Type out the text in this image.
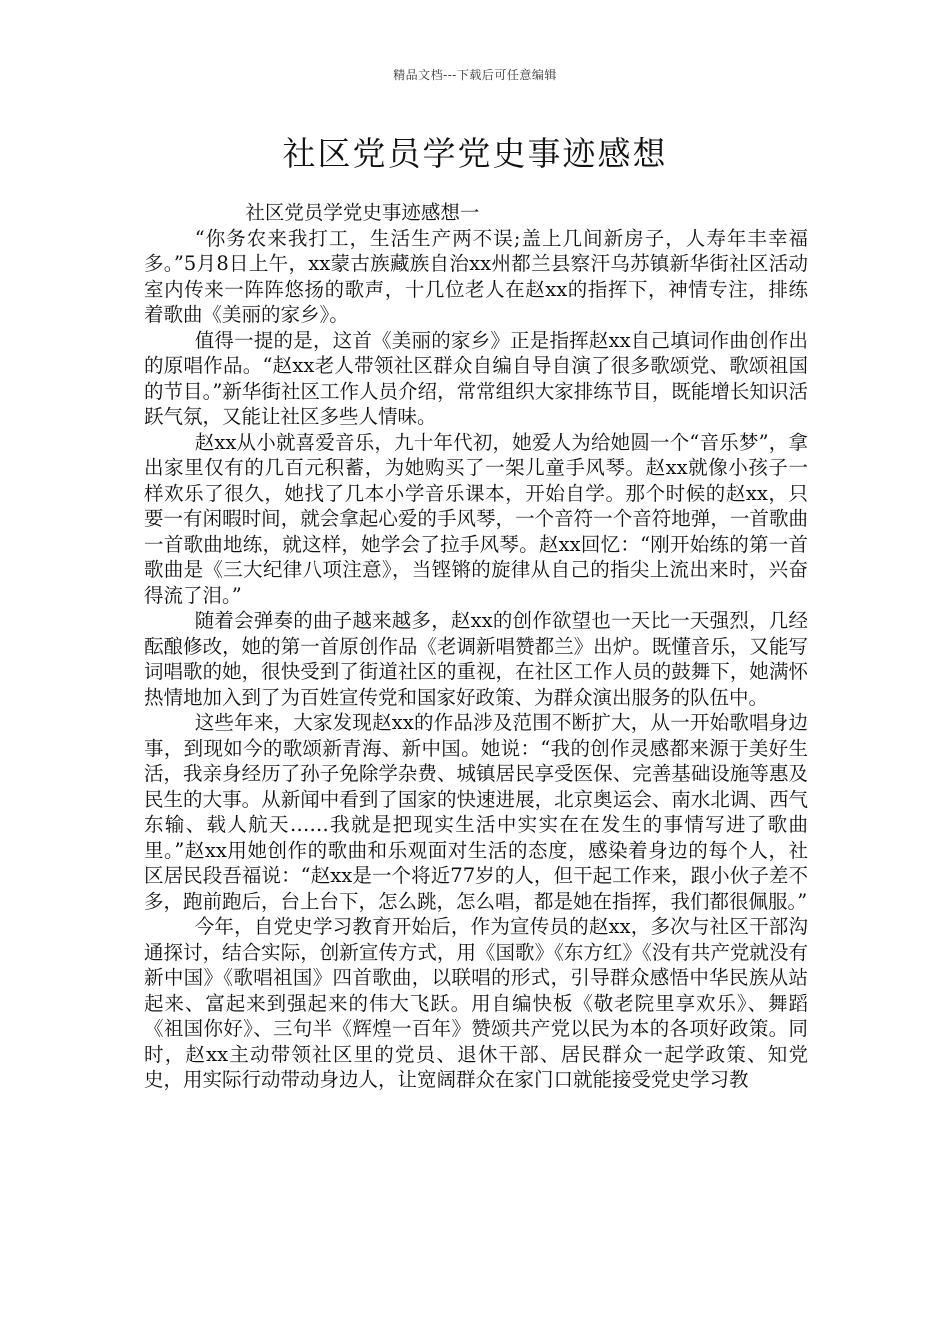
精品文档---下载后可任意编辑
社区党员学党史事迹感想

社区党员学党史事迹感想一

“你务农来我打工，生活生产两不误;盖上几间新房子，人寿年丰幸福多。”5月8日上午，xx蒙古族藏族自治xx州都兰县察汗乌苏镇新华街社区活动室内传来一阵阵悠扬的歌声，十几位老人在赵xx的指挥下，神情专注，排练着歌曲《美丽的家乡》。

值得一提的是，这首《美丽的家乡》正是指挥赵xx自己填词作曲创作出的原唱作品。“赵xx老人带领社区群众自编自导自演了很多歌颂党、歌颂祖国的节目。”新华街社区工作人员介绍，常常组织大家排练节目，既能增长知识活跃气氛，又能让社区多些人情味。

赵xx从小就喜爱音乐，九十年代初，她爱人为给她圆一个“音乐梦”，拿出家里仅有的几百元积蓄，为她购买了一架儿童手风琴。赵xx就像小孩子一样欢乐了很久，她找了几本小学音乐课本，开始自学。那个时候的赵xx，只要一有闲暇时间，就会拿起心爱的手风琴，一个音符一个音符地弹，一首歌曲一首歌曲地练，就这样，她学会了拉手风琴。赵xx回忆：“刚开始练的第一首歌曲是《三大纪律八项注意》，当铿锵的旋律从自己的指尖上流出来时，兴奋得流了泪。”

随着会弹奏的曲子越来越多，赵xx的创作欲望也一天比一天强烈，几经酝酿修改，她的第一首原创作品《老调新唱赞都兰》出炉。既懂音乐，又能写词唱歌的她，很快受到了街道社区的重视，在社区工作人员的鼓舞下，她满怀热情地加入到了为百姓宣传党和国家好政策、为群众演出服务的队伍中。

这些年来，大家发现赵xx的作品涉及范围不断扩大，从一开始歌唱身边事，到现如今的歌颂新青海、新中国。她说：“我的创作灵感都来源于美好生活，我亲身经历了孙子免除学杂费、城镇居民享受医保、完善基础设施等惠及民生的大事。从新闻中看到了国家的快速进展，北京奥运会、南水北调、西气东输、载人航天……我就是把现实生活中实实在在发生的事情写进了歌曲里。”赵xx用她创作的歌曲和乐观面对生活的态度，感染着身边的每个人，社区居民段吾福说：“赵xx是一个将近77岁的人，但干起工作来，跟小伙子差不多，跑前跑后，台上台下，怎么跳，怎么唱，都是她在指挥，我们都很佩服。”

今年，自党史学习教育开始后，作为宣传员的赵xx，多次与社区干部沟通探讨，结合实际，创新宣传方式，用《国歌》《东方红》《没有共产党就没有新中国》《歌唱祖国》四首歌曲，以联唱的形式，引导群众感悟中华民族从站起来、富起来到强起来的伟大飞跃。用自编快板《敬老院里享欢乐》、舞蹈《祖国你好》、三句半《辉煌一百年》赞颂共产党以民为本的各项好政策。同时，赵xx主动带领社区里的党员、退休干部、居民群众一起学政策、知党史，用实际行动带动身边人，让宽阔群众在家门口就能接受党史学习教
